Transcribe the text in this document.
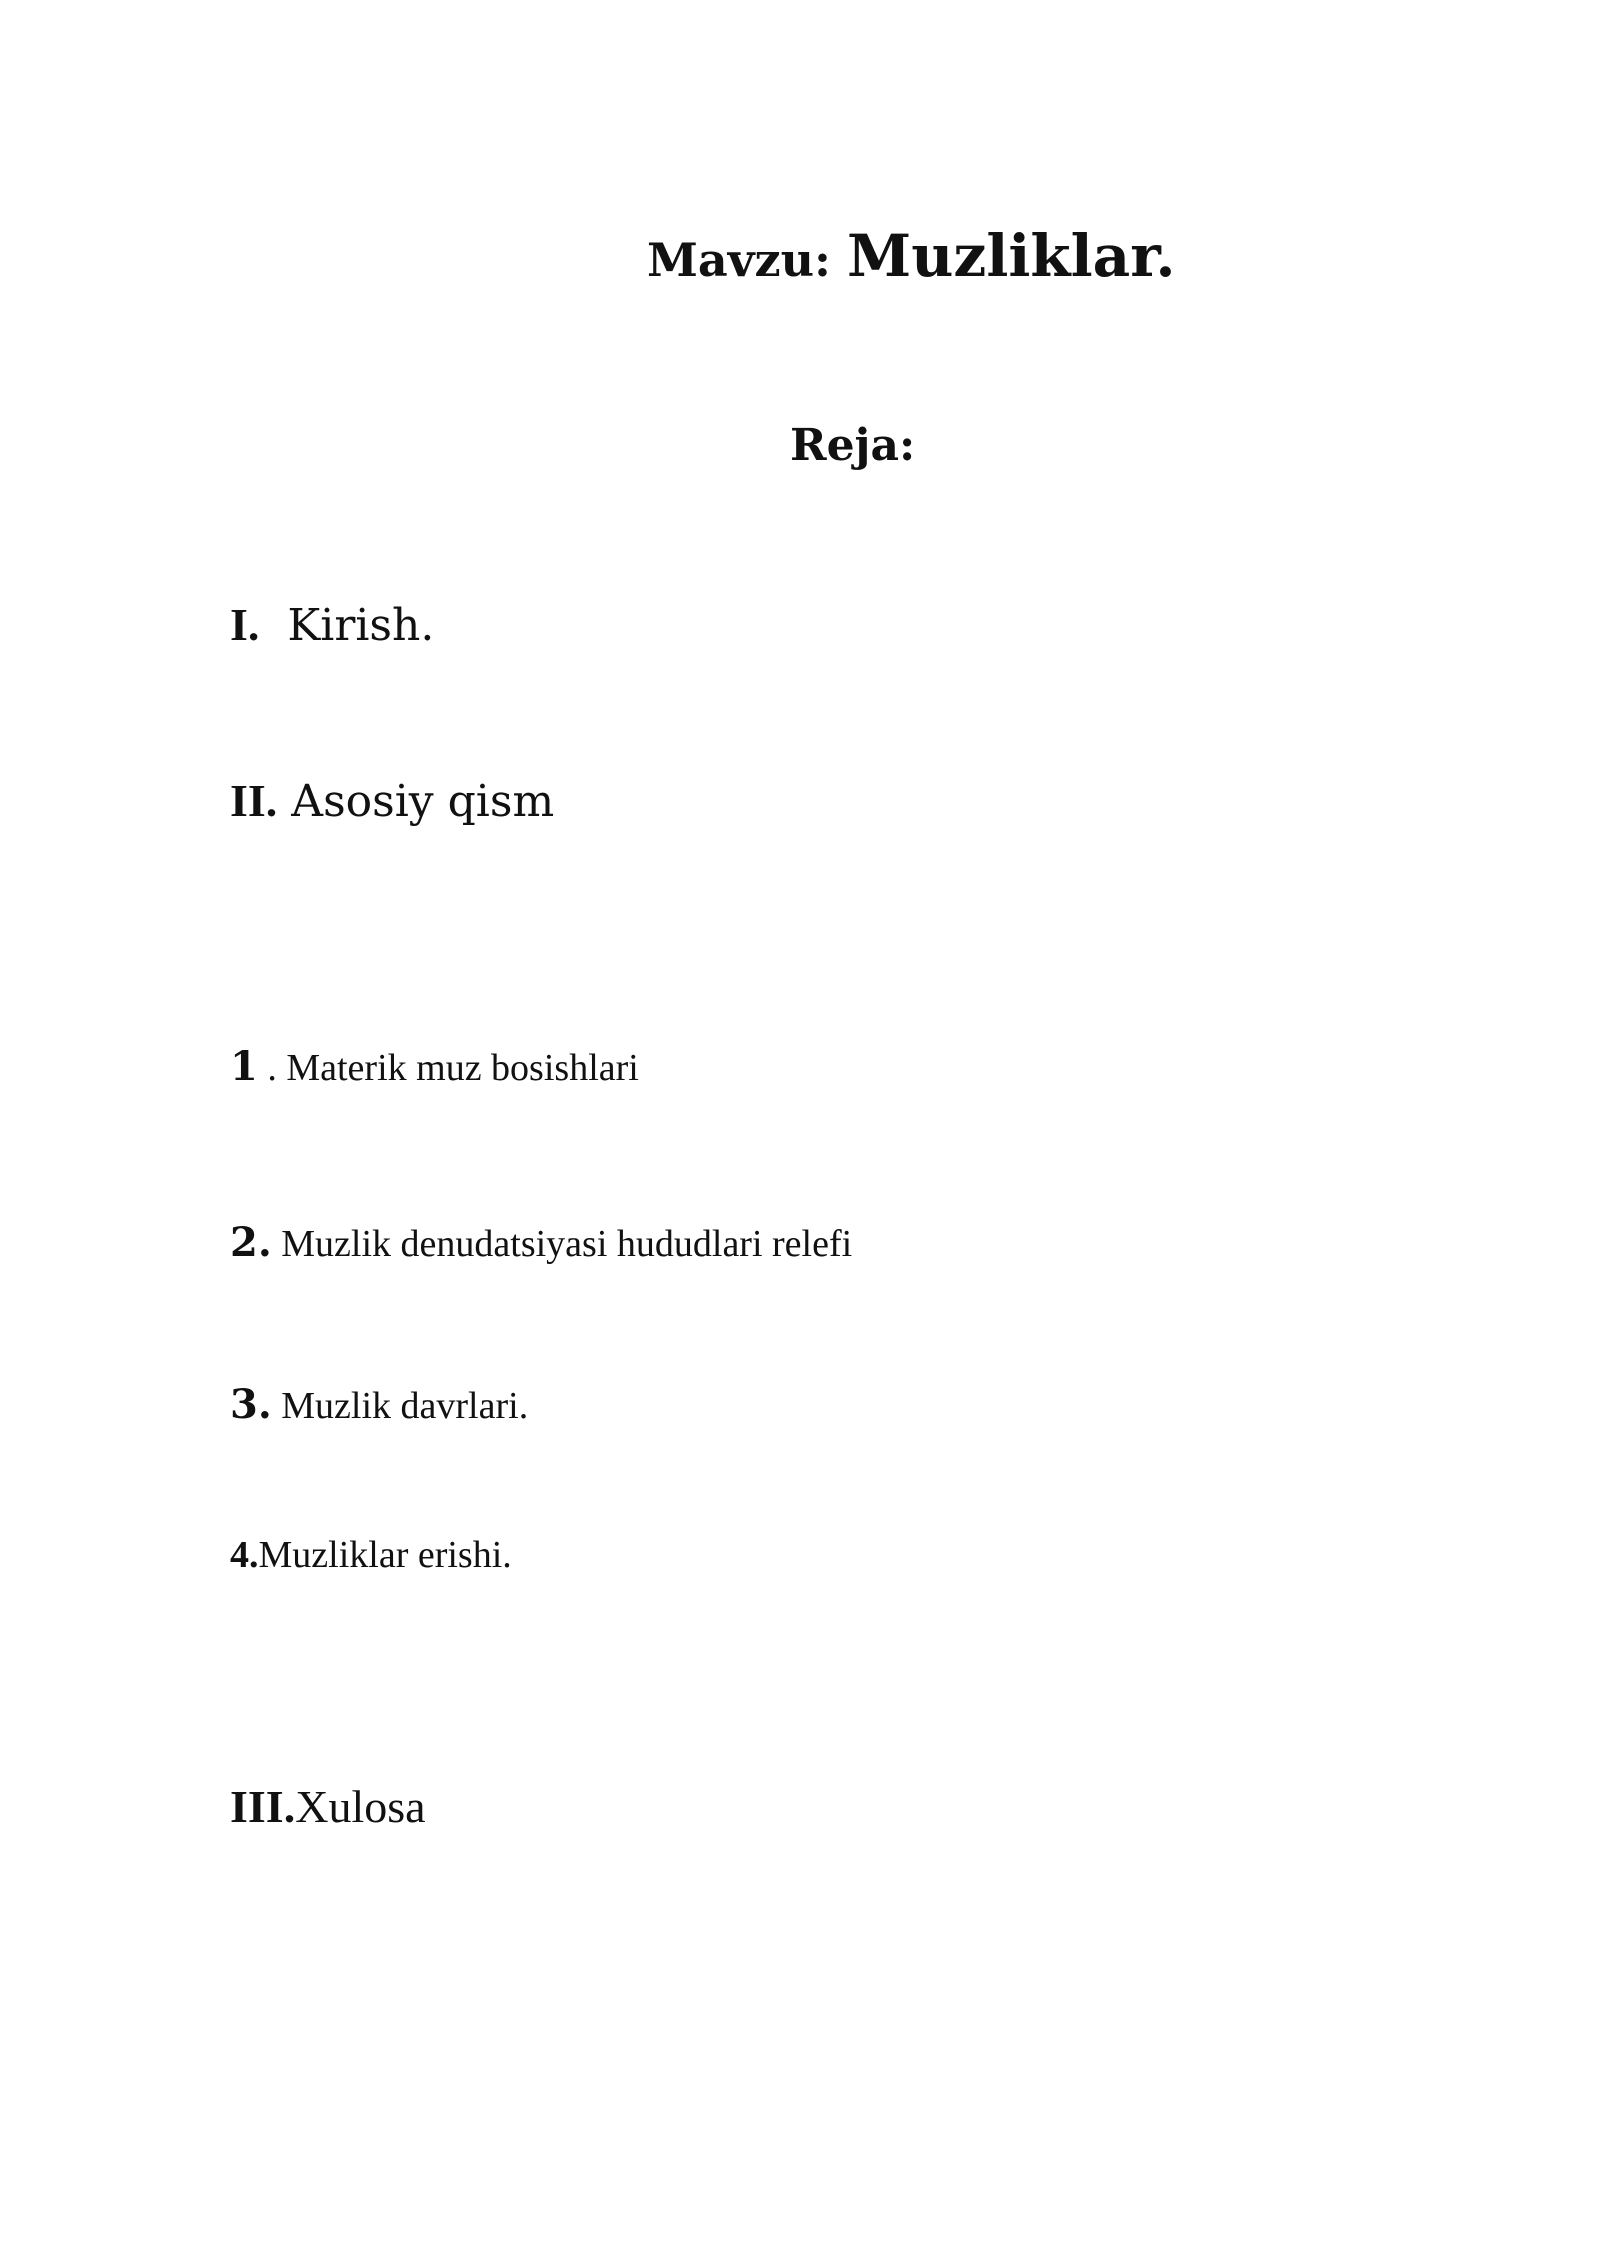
Mavzu: Muzliklar.
Reja:
I.  Kirish.
II. Asosiy qism
1 . Materik muz bosishlari
2. Muzlik denudatsiyasi hududlari relefi
3. Muzlik davrlari.
4.Muzliklar erishi.
III.Xulosa
